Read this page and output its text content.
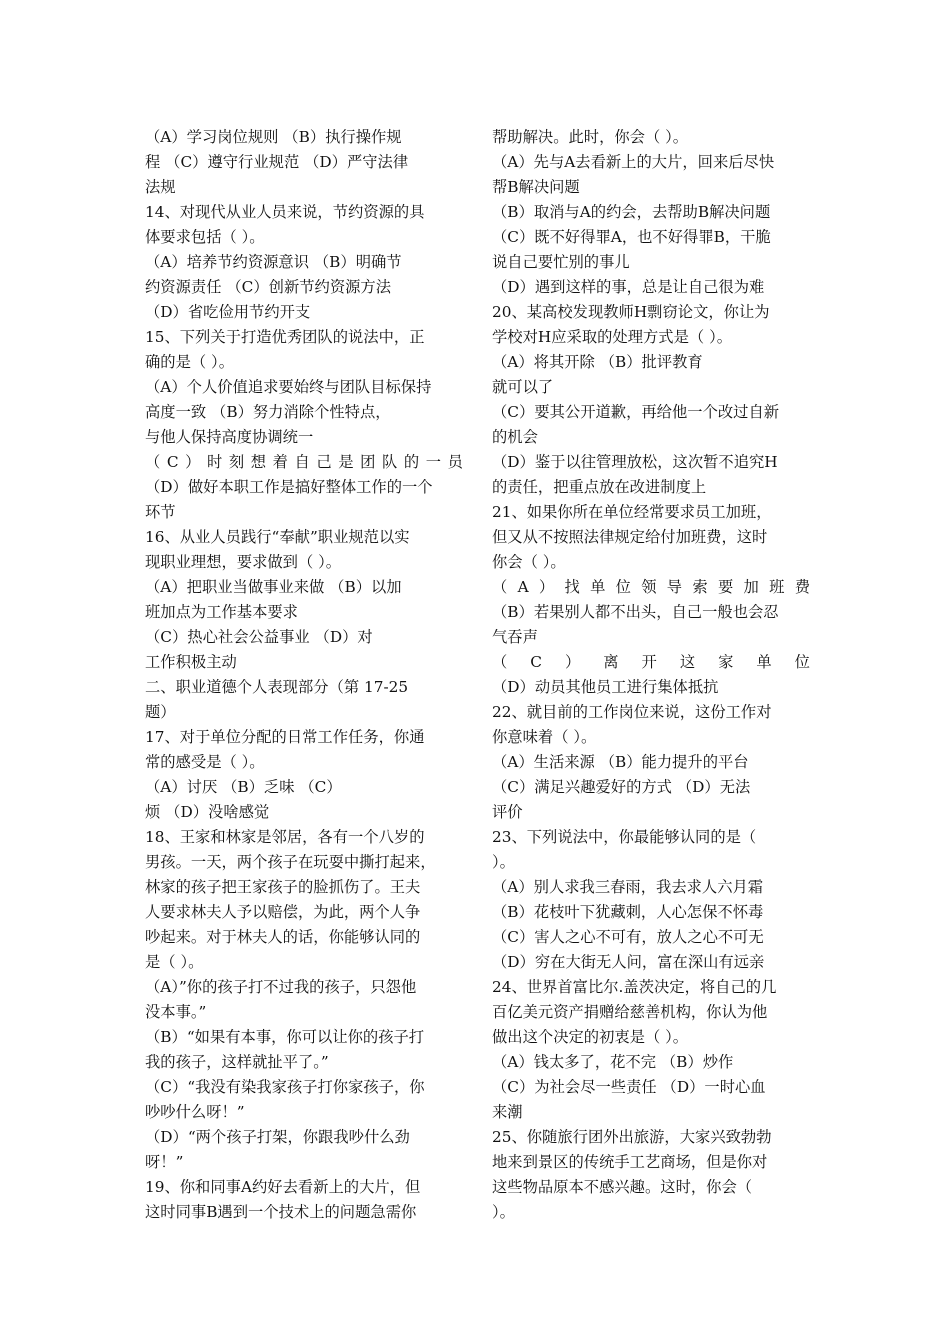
（A）学习岗位规则 （B）执行操作规
程 （C）遵守行业规范 （D）严守法律
法规
14、对现代从业人员来说，节约资源的具
体要求包括（ ）。
（A）培养节约资源意识 （B）明确节
约资源责任 （C）创新节约资源方法
（D）省吃俭用节约开支
15、下列关于打造优秀团队的说法中，正
确的是（ ）。
（A）个人价值追求要始终与团队目标保持
高度一致 （B）努力消除个性特点，
与他人保持高度协调统一
（ C ） 时 刻 想 着 自 己 是 团 队 的 一 员
（D）做好本职工作是搞好整体工作的一个
环节
16、从业人员践行“奉献”职业规范以实
现职业理想，要求做到（ ）。
（A）把职业当做事业来做 （B）以加
班加点为工作基本要求
（C）热心社会公益事业 （D）对
工作积极主动
二、职业道德个人表现部分（第 17-25
题）
17、对于单位分配的日常工作任务，你通
常的感受是（ ）。
（A）讨厌 （B）乏味 （C）
烦 （D）没啥感觉
18、王家和林家是邻居，各有一个八岁的
男孩。一天，两个孩子在玩耍中撕打起来，
林家的孩子把王家孩子的脸抓伤了。王夫
人要求林夫人予以赔偿，为此，两个人争
吵起来。对于林夫人的话，你能够认同的
是（ ）。
（A）”你的孩子打不过我的孩子，只怨他
没本事。”
（B）“如果有本事，你可以让你的孩子打
我的孩子，这样就扯平了。”
（C）“我没有染我家孩子打你家孩子，你
吵吵什么呀！”
（D）“两个孩子打架，你跟我吵什么劲
呀！”
19、你和同事A约好去看新上的大片，但
这时同事B遇到一个技术上的问题急需你
帮助解决。此时，你会（ ）。
（A）先与A去看新上的大片，回来后尽快
帮B解决问题
（B）取消与A的约会，去帮助B解决问题
（C）既不好得罪A，也不好得罪B，干脆
说自己要忙别的事儿
（D）遇到这样的事，总是让自己很为难
20、某高校发现教师H剽窃论文，你让为
学校对H应采取的处理方式是（ ）。
（A）将其开除 （B）批评教育
就可以了
（C）要其公开道歉，再给他一个改过自新
的机会
（D）鉴于以往管理放松，这次暂不追究H
的责任，把重点放在改进制度上
21、如果你所在单位经常要求员工加班，
但又从不按照法律规定给付加班费，这时
你会（ ）。
（ A ） 找 单 位 领 导 索 要 加 班 费
（B）若果别人都不出头，自己一般也会忍
气吞声
（ C ） 离 开 这 家 单 位
（D）动员其他员工进行集体抵抗
22、就目前的工作岗位来说，这份工作对
你意味着（ ）。
（A）生活来源 （B）能力提升的平台
（C）满足兴趣爱好的方式 （D）无法
评价
23、下列说法中，你最能够认同的是（
）。
（A）别人求我三春雨，我去求人六月霜
（B）花枝叶下犹藏刺，人心怎保不怀毒
（C）害人之心不可有，放人之心不可无
（D）穷在大街无人问，富在深山有远亲
24、世界首富比尔.盖茨决定，将自己的几
百亿美元资产捐赠给慈善机构，你认为他
做出这个决定的初衷是（ ）。
（A）钱太多了，花不完 （B）炒作
（C）为社会尽一些责任 （D）一时心血
来潮
25、你随旅行团外出旅游，大家兴致勃勃
地来到景区的传统手工艺商场，但是你对
这些物品原本不感兴趣。这时，你会（
）。
